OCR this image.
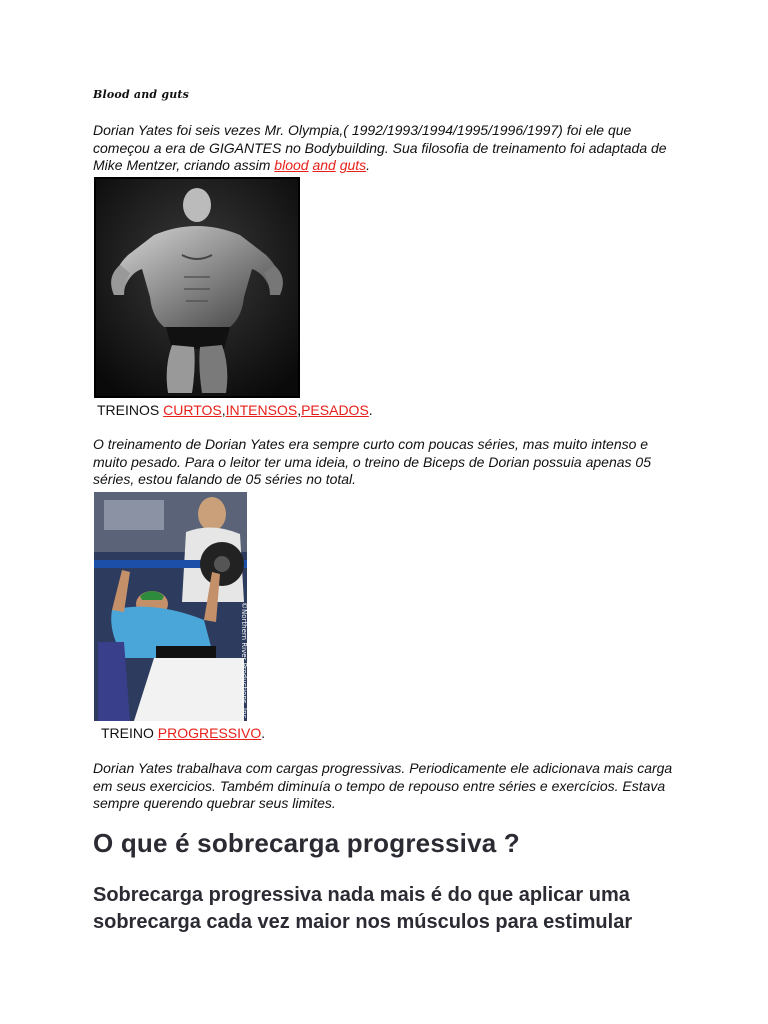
Blood and guts
Dorian Yates foi seis vezes Mr. Olympia,( 1992/1993/1994/1995/1996/1997) foi ele que começou a era de GIGANTES no Bodybuilding. Sua filosofia de treinamento foi adaptada de Mike Mentzer, criando assim blood and guts.
TREINOS CURTOS,INTENSOS,PESADOS.
O treinamento de Dorian Yates era sempre curto com poucas séries, mas muito intenso e muito pesado. Para o leitor ter uma ideia, o treino de Biceps de Dorian possuia apenas 05 séries, estou falando de 05 séries no total.
©Northern River Productions, Inc.
TREINO PROGRESSIVO.
Dorian Yates trabalhava com cargas progressivas. Periodicamente ele adicionava mais carga em seus exercicios. Também diminuía o tempo de repouso entre séries e exercícios. Estava sempre querendo quebrar seus limites.
O que é sobrecarga progressiva ?
Sobrecarga progressiva nada mais é do que aplicar uma sobrecarga cada vez maior nos músculos para estimular
